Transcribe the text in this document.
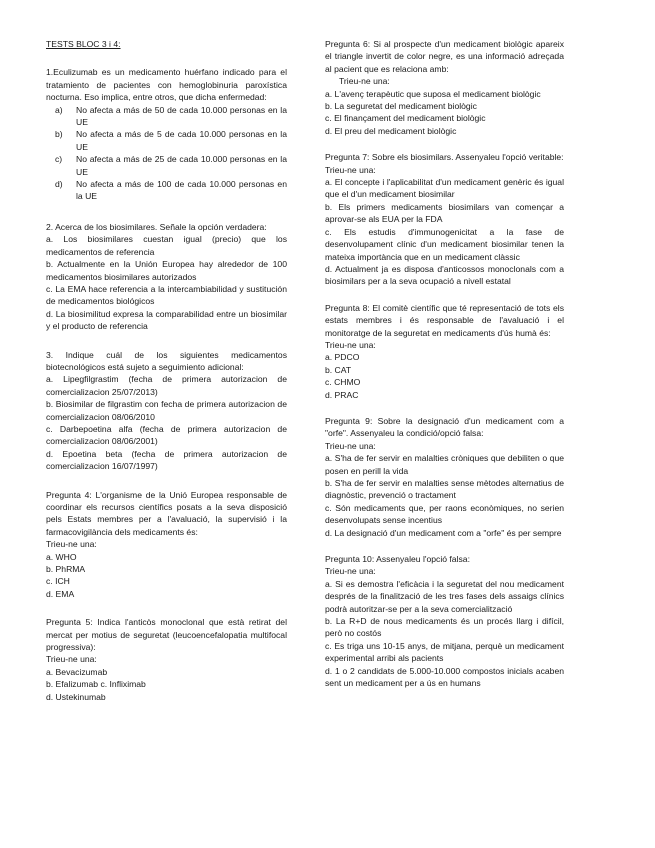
TESTS BLOC 3 i 4:

1.Eculizumab es un medicamento huérfano indicado para el tratamiento de pacientes con hemoglobinuria paroxística nocturna. Eso implica, entre otros, que dicha enfermedad:

a)	No afecta a más de 50 de cada 10.000 personas en la UE
b)	No afecta a más de 5 de cada 10.000 personas en la UE
c)	No afecta a más de 25 de cada 10.000 personas en la UE
d)	No afecta a más de 100 de cada 10.000 personas en la UE

2. Acerca de los biosimilares. Señale la opción verdadera:

a. Los biosimilares cuestan igual (precio) que los medicamentos de referencia

b. Actualmente en la Unión Europea hay alrededor de 100 medicamentos biosimilares autorizados

c. La EMA hace referencia a la intercambiabilidad y sustitución de medicamentos biológicos

d. La biosimilitud expresa la comparabilidad entre un biosimilar y el producto de referencia

3. Indique cuál de los siguientes medicamentos biotecnológicos está sujeto a seguimiento adicional:

a. Lipegfilgrastim (fecha de primera autorizacion de comercializacion 25/07/2013)

b. Biosimilar de filgrastim con fecha de primera autorizacion de comercializacion 08/06/2010

c. Darbepoetina alfa (fecha de primera autorizacion de comercializacion 08/06/2001)

d. Epoetina beta (fecha de primera autorizacion de comercializacion 16/07/1997)

Pregunta 4: L'organisme de la Unió Europea responsable de coordinar els recursos científics posats a la seva disposició pels Estats membres per a l'avaluació, la supervisió i la farmacovigilància dels medicaments és:

Trieu-ne una:

a. WHO

b. PhRMA

c. ICH

d. EMA

Pregunta 5: Indica l'anticòs monoclonal que està retirat del mercat per motius de seguretat (leucoencefalopatia multifocal progressiva):

Trieu-ne una:

a. Bevacizumab

b. Efalizumab c. Infliximab

d. Ustekinumab

Pregunta 6: Si al prospecte d'un medicament biològic apareix el triangle invertit de color negre, es una informació adreçada al pacient que es relaciona amb:

Trieu-ne una:

a. L'avenç terapèutic que suposa el medicament biològic

b. La seguretat del medicament biològic

c. El finançament del medicament biològic

d. El preu del medicament biològic

Pregunta 7: Sobre els biosimilars. Assenyaleu l'opció veritable:

Trieu-ne una:

a. El concepte i l'aplicabilitat d'un medicament genèric és igual que el d'un medicament biosimilar

b. Els primers medicaments biosimilars van començar a aprovar-se als EUA per la FDA

c. Els estudis d'immunogenicitat a la fase de desenvolupament clínic d'un medicament biosimilar tenen la mateixa importància que en un medicament clàssic

d. Actualment ja es disposa d'anticossos monoclonals com a biosimilars per a la seva ocupació a nivell estatal

Pregunta 8: El comitè científic que té representació de tots els estats membres i és responsable de l'avaluació i el monitoratge de la seguretat en medicaments d'ús humà és:

Trieu-ne una:

a. PDCO

b. CAT

c. CHMO

d. PRAC

Pregunta 9: Sobre la designació d'un medicament com a "orfe". Assenyaleu la condició/opció falsa:

Trieu-ne una:

a. S'ha de fer servir en malalties cròniques que debiliten o que posen en perill la vida

b. S'ha de fer servir en malalties sense mètodes alternatius de diagnòstic, prevenció o tractament

c. Són medicaments que, per raons econòmiques, no serien desenvolupats sense incentius

d. La designació d'un medicament com a "orfe" és per sempre

Pregunta 10: Assenyaleu l'opció falsa:

Trieu-ne una:

a. Si es demostra l'eficàcia i la seguretat del nou medicament després de la finalització de les tres fases dels assaigs clínics podrà autoritzar-se per a la seva comercialització

b. La R+D de nous medicaments és un procés llarg i difícil, però no costós

c. Es triga uns 10-15 anys, de mitjana, perquè un medicament experimental arribi als pacients

d. 1 o 2 candidats de 5.000-10.000 compostos inicials acaben sent un medicament per a ús en humans
